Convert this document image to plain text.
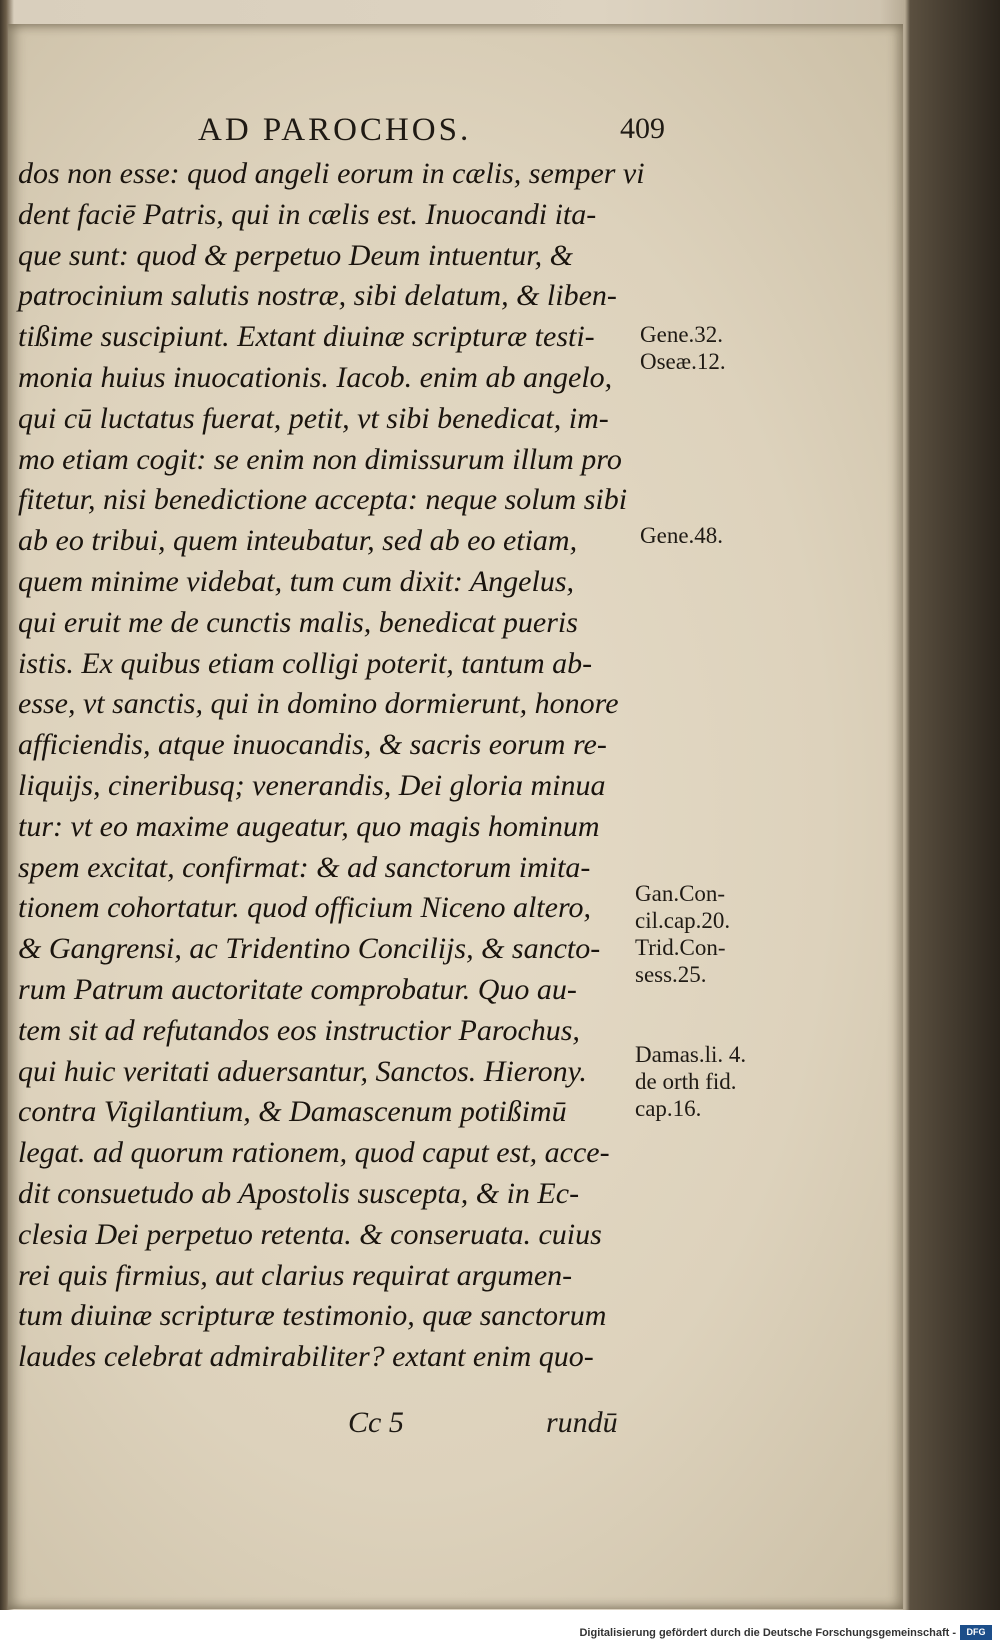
AD PAROCHOS.	409
dos non esse: quod angeli eorum in cælis, semper vi
dent faciē Patris, qui in cælis est. Inuocandi ita-
que sunt: quod & perpetuo Deum intuentur, &
patrocinium salutis nostræ, sibi delatum, & liben-
tißime suscipiunt. Extant diuinæ scripturæ testi-
monia huius inuocationis. Iacob. enim ab angelo,
qui cū luctatus fuerat, petit, vt sibi benedicat, im-
mo etiam cogit: se enim non dimissurum illum pro
fitetur, nisi benedictione accepta: neque solum sibi
ab eo tribui, quem inteubatur, sed ab eo etiam,
quem minime videbat, tum cum dixit: Angelus,
qui eruit me de cunctis malis, benedicat pueris
istis. Ex quibus etiam colligi poterit, tantum ab-
esse, vt sanctis, qui in domino dormierunt, honore
afficiendis, atque inuocandis, & sacris eorum re-
liquijs, cineribusq; venerandis, Dei gloria minua
tur: vt eo maxime augeatur, quo magis hominum
spem excitat, confirmat: & ad sanctorum imita-
tionem cohortatur. quod officium Niceno altero,
& Gangrensi, ac Tridentino Concilijs, & sancto-
rum Patrum auctoritate comprobatur. Quo au-
tem sit ad refutandos eos instructior Parochus,
qui huic veritati aduersantur, Sanctos. Hierony.
contra Vigilantium, & Damascenum potißimū
legat. ad quorum rationem, quod caput est, acce-
dit consuetudo ab Apostolis suscepta, & in Ec-
clesia Dei perpetuo retenta. & conseruata. cuius
rei quis firmius, aut clarius requirat argumen-
tum diuinæ scripturæ testimonio, quæ sanctorum
laudes celebrat admirabiliter? extant enim quo-
Gene.32.
Oseæ.12.
Gene.48.
Gan.Con-
cil.cap.20.
Trid.Con-
sess.25.
Damas.li. 4.
de orth fid.
cap.16.
Cc 5	rundū
Digitalisierung gefördert durch die Deutsche Forschungsgemeinschaft -	DFG
